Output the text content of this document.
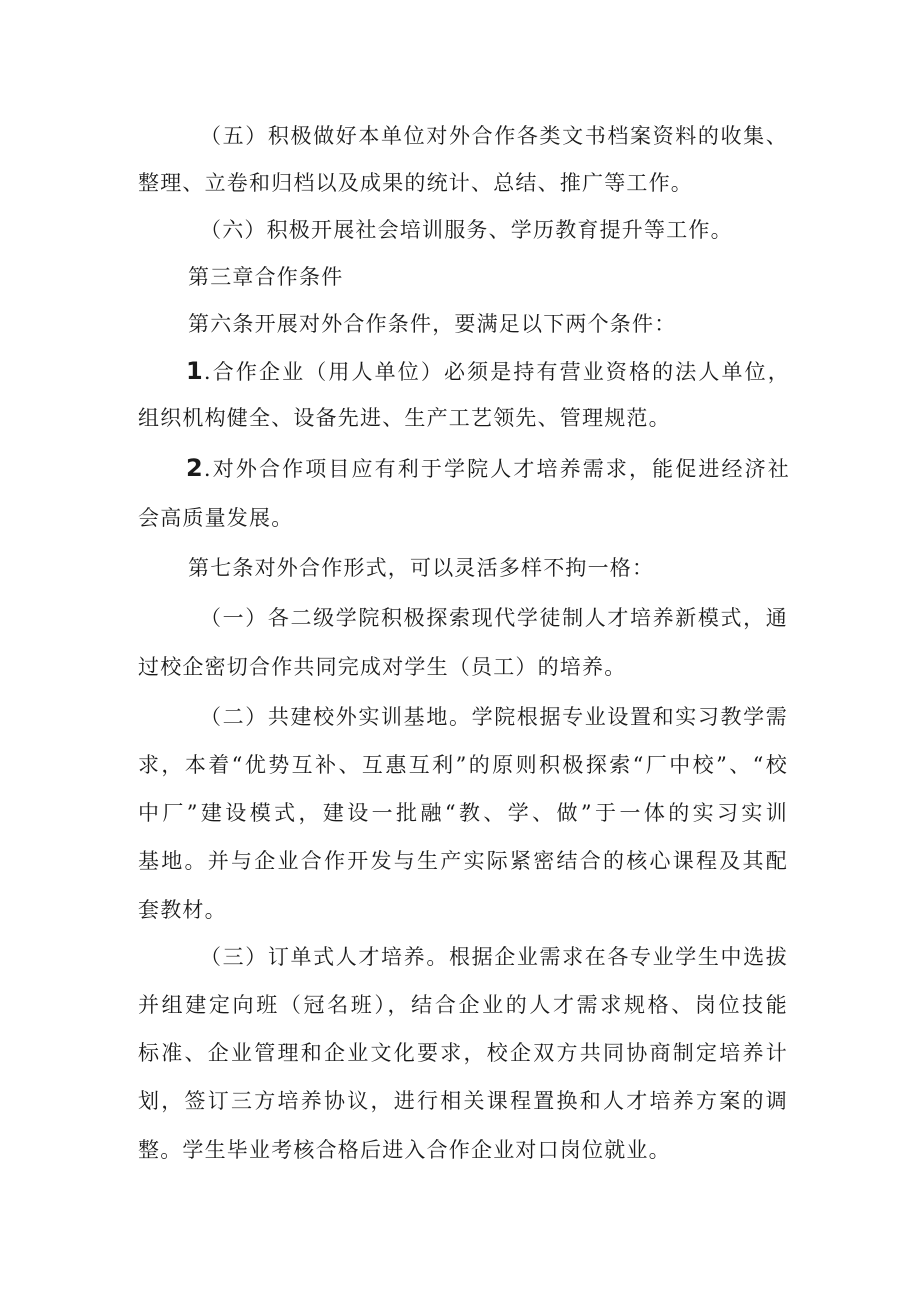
（五）积极做好本单位对外合作各类文书档案资料的收集、
整理、立卷和归档以及成果的统计、总结、推广等工作。
（六）积极开展社会培训服务、学历教育提升等工作。
第三章合作条件
第六条开展对外合作条件，要满足以下两个条件：
1 .合作企业（用人单位）必须是持有营业资格的法人单位，
组织机构健全、设备先进、生产工艺领先、管理规范。
2 .对外合作项目应有利于学院人才培养需求，能促进经济社
会高质量发展。
第七条对外合作形式，可以灵活多样不拘一格：
（一）各二级学院积极探索现代学徒制人才培养新模式，通
过校企密切合作共同完成对学生（员工）的培养。
（二）共建校外实训基地。学院根据专业设置和实习教学需
求，本着“优势互补、互惠互利”的原则积极探索“厂中校”、“校
中厂”建设模式，建设一批融“教、学、做”于一体的实习实训
基地。并与企业合作开发与生产实际紧密结合的核心课程及其配
套教材。
（三）订单式人才培养。根据企业需求在各专业学生中选拔
并组建定向班（冠名班），结合企业的人才需求规格、岗位技能
标准、企业管理和企业文化要求，校企双方共同协商制定培养计
划，签订三方培养协议，进行相关课程置换和人才培养方案的调
整。学生毕业考核合格后进入合作企业对口岗位就业。
